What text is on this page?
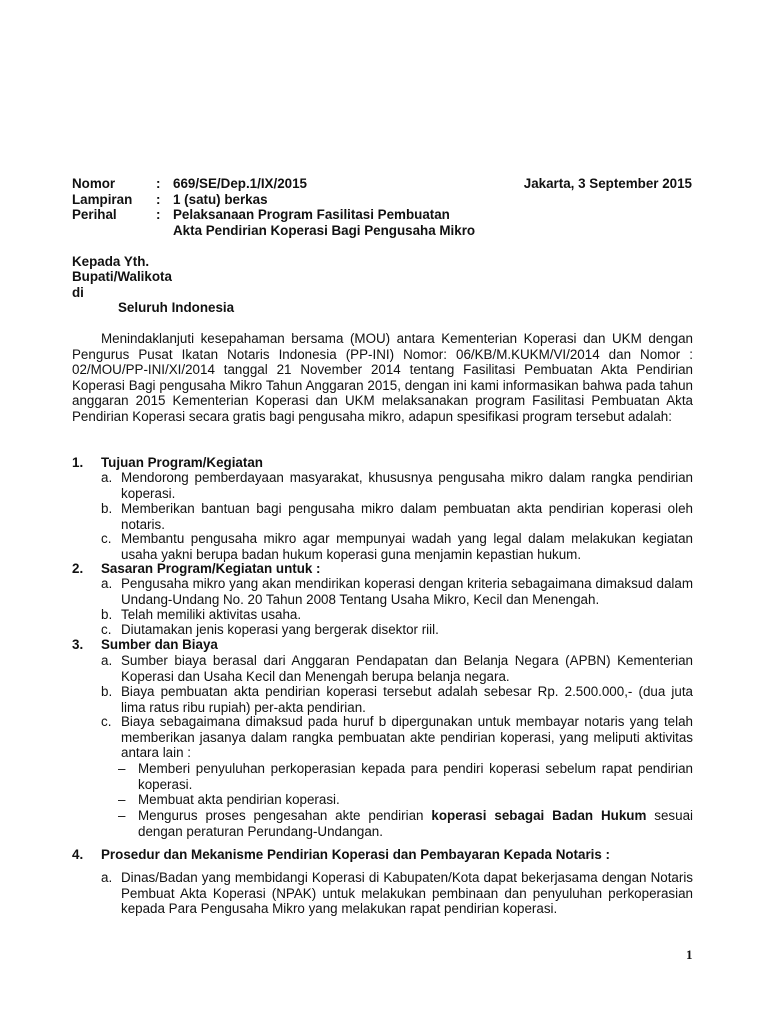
Nomor	: 669/SE/Dep.1/IX/2015	Jakarta, 3 September 2015
Lampiran	: 1 (satu) berkas
Perihal	: Pelaksanaan Program Fasilitasi Pembuatan
Akta Pendirian Koperasi Bagi Pengusaha Mikro
Kepada Yth.
Bupati/Walikota
di
Seluruh Indonesia

Menindaklanjuti kesepahaman bersama (MOU) antara Kementerian Koperasi dan UKM dengan Pengurus Pusat Ikatan Notaris Indonesia (PP-INI) Nomor: 06/KB/M.KUKM/VI/2014 dan Nomor : 02/MOU/PP-INI/XI/2014 tanggal 21 November 2014 tentang Fasilitasi Pembuatan Akta Pendirian Koperasi Bagi pengusaha Mikro Tahun Anggaran 2015, dengan ini kami informasikan bahwa pada tahun anggaran 2015 Kementerian Koperasi dan UKM melaksanakan program Fasilitasi Pembuatan Akta Pendirian Koperasi secara gratis bagi pengusaha mikro, adapun spesifikasi program tersebut adalah:

1. Tujuan Program/Kegiatan
a. Mendorong pemberdayaan masyarakat, khususnya pengusaha mikro dalam rangka pendirian koperasi.
b. Memberikan bantuan bagi pengusaha mikro dalam pembuatan akta pendirian koperasi oleh notaris.
c. Membantu pengusaha mikro agar mempunyai wadah yang legal dalam melakukan kegiatan usaha yakni berupa badan hukum koperasi guna menjamin kepastian hukum.
2. Sasaran Program/Kegiatan untuk :
a. Pengusaha mikro yang akan mendirikan koperasi dengan kriteria sebagaimana dimaksud dalam Undang-Undang No. 20 Tahun 2008 Tentang Usaha Mikro, Kecil dan Menengah.
b. Telah memiliki aktivitas usaha.
c. Diutamakan jenis koperasi yang bergerak disektor riil.
3. Sumber dan Biaya
a. Sumber biaya berasal dari Anggaran Pendapatan dan Belanja Negara (APBN) Kementerian Koperasi dan Usaha Kecil dan Menengah berupa belanja negara.
b. Biaya pembuatan akta pendirian koperasi tersebut adalah sebesar Rp. 2.500.000,- (dua juta lima ratus ribu rupiah) per-akta pendirian.
c. Biaya sebagaimana dimaksud pada huruf b dipergunakan untuk membayar notaris yang telah memberikan jasanya dalam rangka pembuatan akte pendirian koperasi, yang meliputi aktivitas antara lain :
– Memberi penyuluhan perkoperasian kepada para pendiri koperasi sebelum rapat pendirian koperasi.
– Membuat akta pendirian koperasi.
– Mengurus proses pengesahan akte pendirian koperasi sebagai Badan Hukum sesuai dengan peraturan Perundang-Undangan.
4. Prosedur dan Mekanisme Pendirian Koperasi dan Pembayaran Kepada Notaris :
a. Dinas/Badan yang membidangi Koperasi di Kabupaten/Kota dapat bekerjasama dengan Notaris Pembuat Akta Koperasi (NPAK) untuk melakukan pembinaan dan penyuluhan perkoperasian kepada Para Pengusaha Mikro yang melakukan rapat pendirian koperasi.
1
